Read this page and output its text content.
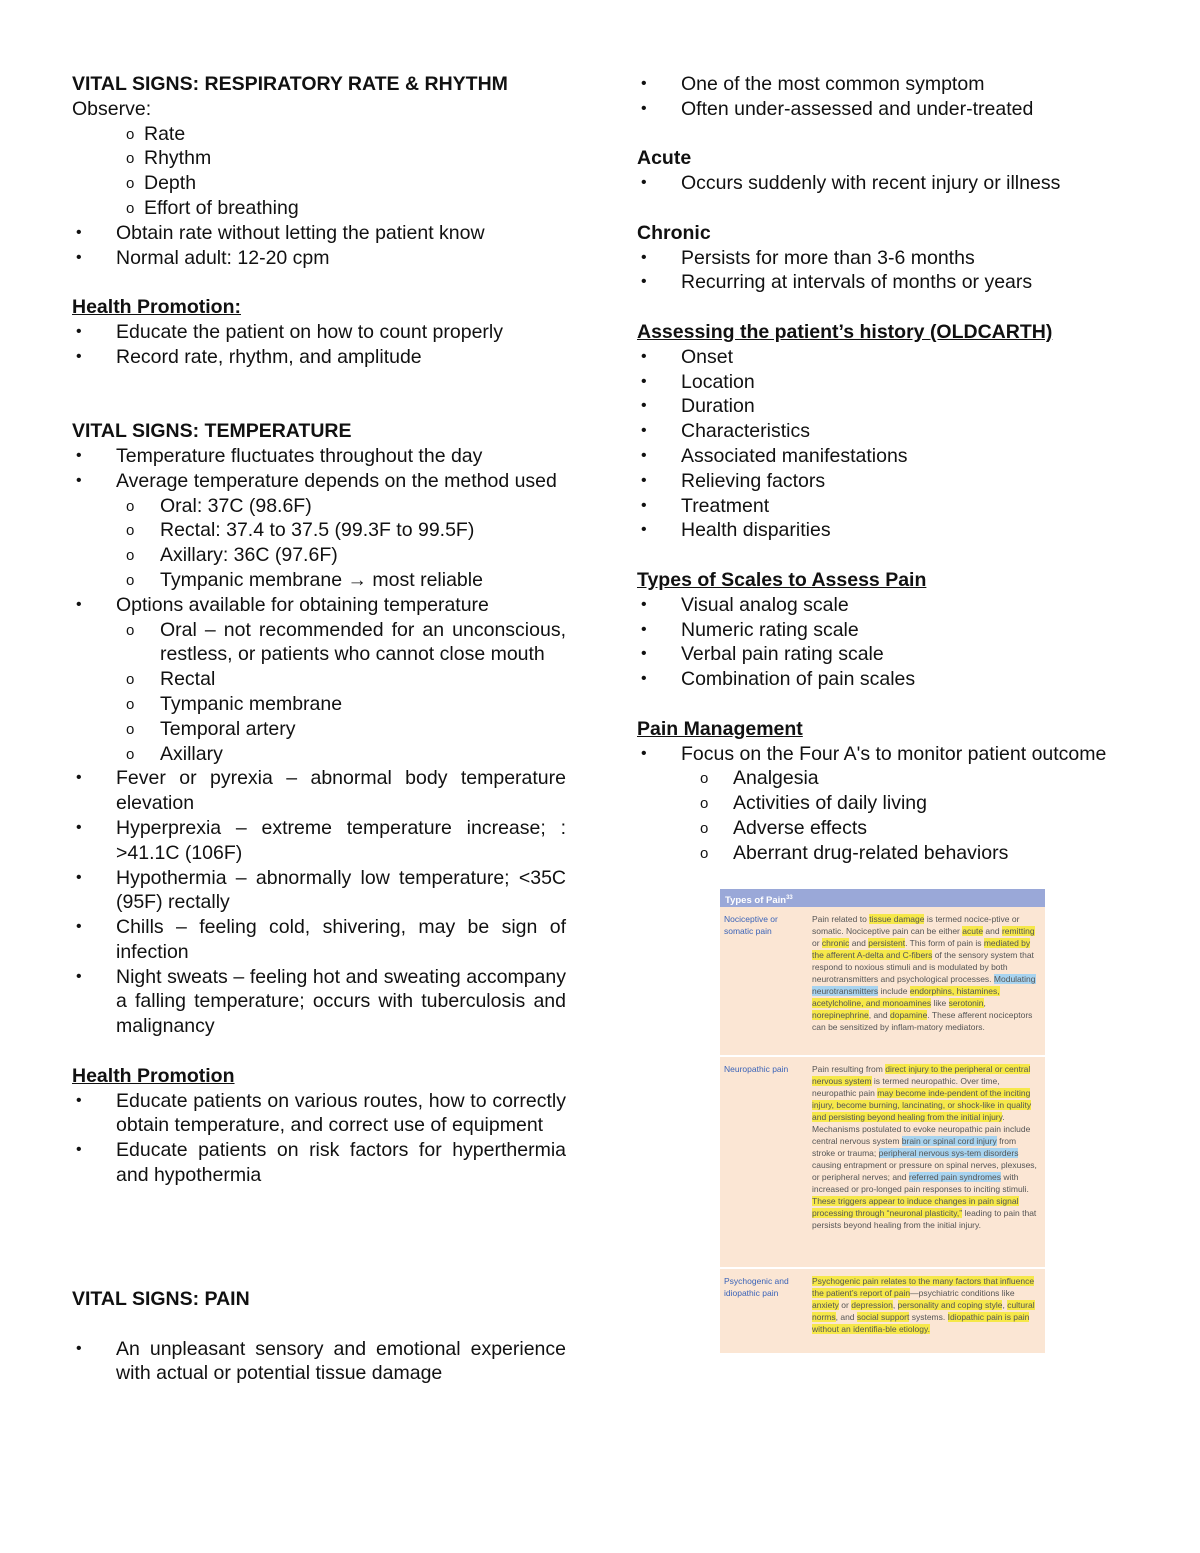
VITAL SIGNS: RESPIRATORY RATE & RHYTHM

Observe:

o Rate
o Rhythm
o Depth
o Effort of breathing
• Obtain rate without letting the patient know
• Normal adult: 12-20 cpm

Health Promotion:

• Educate the patient on how to count properly
• Record rate, rhythm, and amplitude

VITAL SIGNS: TEMPERATURE

• Temperature fluctuates throughout the day
• Average temperature depends on the method used
o Oral: 37C (98.6F)
o Rectal: 37.4 to 37.5 (99.3F to 99.5F)
o Axillary: 36C (97.6F)
o Tympanic membrane → most reliable
• Options available for obtaining temperature
o Oral – not recommended for an unconscious, restless, or patients who cannot close mouth
o Rectal
o Tympanic membrane
o Temporal artery
o Axillary
• Fever or pyrexia – abnormal body temperature elevation
• Hyperprexia – extreme temperature increase; : >41.1C (106F)
• Hypothermia – abnormally low temperature; <35C (95F) rectally
• Chills – feeling cold, shivering, may be sign of infection
• Night sweats – feeling hot and sweating accompany a falling temperature; occurs with tuberculosis and malignancy

Health Promotion

• Educate patients on various routes, how to correctly obtain temperature, and correct use of equipment
• Educate patients on risk factors for hyperthermia and hypothermia

VITAL SIGNS: PAIN

• An unpleasant sensory and emotional experience with actual or potential tissue damage
• One of the most common symptom
• Often under-assessed and under-treated

Acute

• Occurs suddenly with recent injury or illness

Chronic

• Persists for more than 3-6 months
• Recurring at intervals of months or years

Assessing the patient’s history (OLDCARTH)

• Onset
• Location
• Duration
• Characteristics
• Associated manifestations
• Relieving factors
• Treatment
• Health disparities

Types of Scales to Assess Pain

• Visual analog scale
• Numeric rating scale
• Verbal pain rating scale
• Combination of pain scales

Pain Management

• Focus on the Four A's to monitor patient outcome
o Analgesia
o Activities of daily living
o Adverse effects
o Aberrant drug-related behaviors
Types of Pain$^{33}$
Nociceptive or somatic pain
Pain related to tissue damage is termed nocice-ptive or somatic. Nociceptive pain can be either acute and remitting or chronic and persistent. This form of pain is mediated by the afferent A-delta and C-fibers of the sensory system that respond to noxious stimuli and is modulated by both neurotransmitters and psychological processes. Modulating neurotransmitters include endorphins, histamines, acetylcholine, and monoamines like serotonin, norepinephrine, and dopamine. These afferent nociceptors can be sensitized by inflam-matory mediators.
Neuropathic pain	Pain resulting from direct injury to the peripheral or central nervous system is termed neuropathic. Over time, neuropathic pain may become inde-pendent of the inciting injury, become burning, lancinating, or shock-like in quality and persisting beyond healing from the initial injury. Mechanisms postulated to evoke neuropathic pain include central nervous system brain or spinal cord injury from stroke or trauma; peripheral nervous sys-tem disorders causing entrapment or pressure on spinal nerves, plexuses, or peripheral nerves; and referred pain syndromes with increased or pro-longed pain responses to inciting stimuli. These triggers appear to induce changes in pain signal processing through “neuronal plasticity,” leading to pain that persists beyond healing from the initial injury.
Psychogenic and idiopathic pain
Psychogenic pain relates to the many factors that influence the patient’s report of pain—psychiatric conditions like anxiety or depression, personality and coping style, cultural norms, and social support systems. Idiopathic pain is pain without an identifia-ble etiology.
